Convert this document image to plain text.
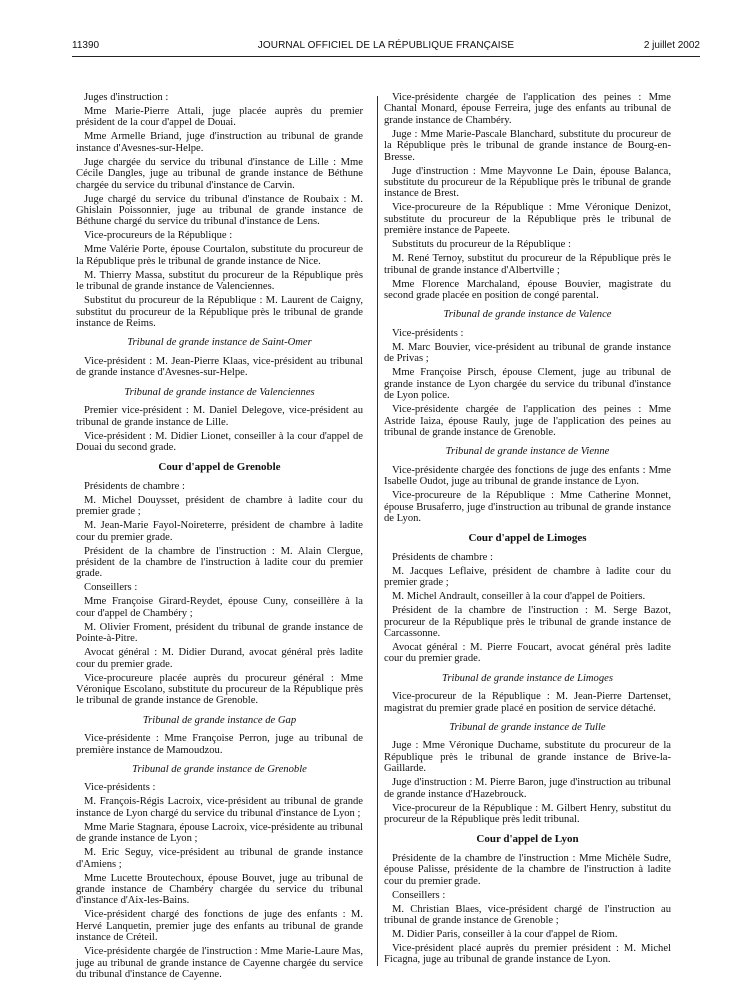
11390	JOURNAL OFFICIEL DE LA RÉPUBLIQUE FRANÇAISE	2 juillet 2002

Juges d'instruction :

Mme Marie-Pierre Attali, juge placée auprès du premier président de la cour d'appel de Douai.

Mme Armelle Briand, juge d'instruction au tribunal de grande instance d'Avesnes-sur-Helpe.

Juge chargée du service du tribunal d'instance de Lille : Mme Cécile Dangles, juge au tribunal de grande instance de Béthune chargée du service du tribunal d'instance de Carvin.

Juge chargé du service du tribunal d'instance de Roubaix : M. Ghislain Poissonnier, juge au tribunal de grande instance de Béthune chargé du service du tribunal d'instance de Lens.

Vice-procureurs de la République :

Mme Valérie Porte, épouse Courtalon, substitute du procureur de la République près le tribunal de grande instance de Nice.

M. Thierry Massa, substitut du procureur de la République près le tribunal de grande instance de Valenciennes.

Substitut du procureur de la République : M. Laurent de Caigny, substitut du procureur de la République près le tribunal de grande instance de Reims.

Tribunal de grande instance de Saint-Omer

Vice-président : M. Jean-Pierre Klaas, vice-président au tribunal de grande instance d'Avesnes-sur-Helpe.

Tribunal de grande instance de Valenciennes

Premier vice-président : M. Daniel Delegove, vice-président au tribunal de grande instance de Lille.

Vice-président : M. Didier Lionet, conseiller à la cour d'appel de Douai du second grade.

Cour d'appel de Grenoble

Présidents de chambre :

M. Michel Douysset, président de chambre à ladite cour du premier grade ;

M. Jean-Marie Fayol-Noireterre, président de chambre à ladite cour du premier grade.

Président de la chambre de l'instruction : M. Alain Clergue, président de la chambre de l'instruction à ladite cour du premier grade.

Conseillers :

Mme Françoise Girard-Reydet, épouse Cuny, conseillère à la cour d'appel de Chambéry ;

M. Olivier Froment, président du tribunal de grande instance de Pointe-à-Pitre.

Avocat général : M. Didier Durand, avocat général près ladite cour du premier grade.

Vice-procureure placée auprès du procureur général : Mme Véronique Escolano, substitute du procureur de la République près le tribunal de grande instance de Grenoble.

Tribunal de grande instance de Gap

Vice-présidente : Mme Françoise Perron, juge au tribunal de première instance de Mamoudzou.

Tribunal de grande instance de Grenoble

Vice-présidents :

M. François-Régis Lacroix, vice-président au tribunal de grande instance de Lyon chargé du service du tribunal d'instance de Lyon ;

Mme Marie Stagnara, épouse Lacroix, vice-présidente au tribunal de grande instance de Lyon ;

M. Eric Seguy, vice-président au tribunal de grande instance d'Amiens ;

Mme Lucette Broutechoux, épouse Bouvet, juge au tribunal de grande instance de Chambéry chargée du service du tribunal d'instance d'Aix-les-Bains.

Vice-président chargé des fonctions de juge des enfants : M. Hervé Lanquetin, premier juge des enfants au tribunal de grande instance de Créteil.

Vice-présidente chargée de l'instruction : Mme Marie-Laure Mas, juge au tribunal de grande instance de Cayenne chargée du service du tribunal d'instance de Cayenne.

Vice-présidente chargée de l'application des peines : Mme Chantal Monard, épouse Ferreira, juge des enfants au tribunal de grande instance de Chambéry.

Juge : Mme Marie-Pascale Blanchard, substitute du procureur de la République près le tribunal de grande instance de Bourg-en-Bresse.

Juge d'instruction : Mme Mayvonne Le Dain, épouse Balanca, substitute du procureur de la République près le tribunal de grande instance de Brest.

Vice-procureure de la République : Mme Véronique Denizot, substitute du procureur de la République près le tribunal de première instance de Papeete.

Substituts du procureur de la République :

M. René Ternoy, substitut du procureur de la République près le tribunal de grande instance d'Albertville ;

Mme Florence Marchaland, épouse Bouvier, magistrate du second grade placée en position de congé parental.

Tribunal de grande instance de Valence

Vice-présidents :

M. Marc Bouvier, vice-président au tribunal de grande instance de Privas ;

Mme Françoise Pirsch, épouse Clement, juge au tribunal de grande instance de Lyon chargée du service du tribunal d'instance de Lyon police.

Vice-présidente chargée de l'application des peines : Mme Astride Iaiza, épouse Rauly, juge de l'application des peines au tribunal de grande instance de Grenoble.

Tribunal de grande instance de Vienne

Vice-présidente chargée des fonctions de juge des enfants : Mme Isabelle Oudot, juge au tribunal de grande instance de Lyon.

Vice-procureure de la République : Mme Catherine Monnet, épouse Brusaferro, juge d'instruction au tribunal de grande instance de Lyon.

Cour d'appel de Limoges

Présidents de chambre :

M. Jacques Leflaive, président de chambre à ladite cour du premier grade ;

M. Michel Andrault, conseiller à la cour d'appel de Poitiers.

Président de la chambre de l'instruction : M. Serge Bazot, procureur de la République près le tribunal de grande instance de Carcassonne.

Avocat général : M. Pierre Foucart, avocat général près ladite cour du premier grade.

Tribunal de grande instance de Limoges

Vice-procureur de la République : M. Jean-Pierre Dartenset, magistrat du premier grade placé en position de service détaché.

Tribunal de grande instance de Tulle

Juge : Mme Véronique Duchame, substitute du procureur de la République près le tribunal de grande instance de Brive-la-Gaillarde.

Juge d'instruction : M. Pierre Baron, juge d'instruction au tribunal de grande instance d'Hazebrouck.

Vice-procureur de la République : M. Gilbert Henry, substitut du procureur de la République près ledit tribunal.

Cour d'appel de Lyon

Présidente de la chambre de l'instruction : Mme Michèle Sudre, épouse Palisse, présidente de la chambre de l'instruction à ladite cour du premier grade.

Conseillers :

M. Christian Blaes, vice-président chargé de l'instruction au tribunal de grande instance de Grenoble ;

M. Didier Paris, conseiller à la cour d'appel de Riom.

Vice-président placé auprès du premier président : M. Michel Ficagna, juge au tribunal de grande instance de Lyon.
